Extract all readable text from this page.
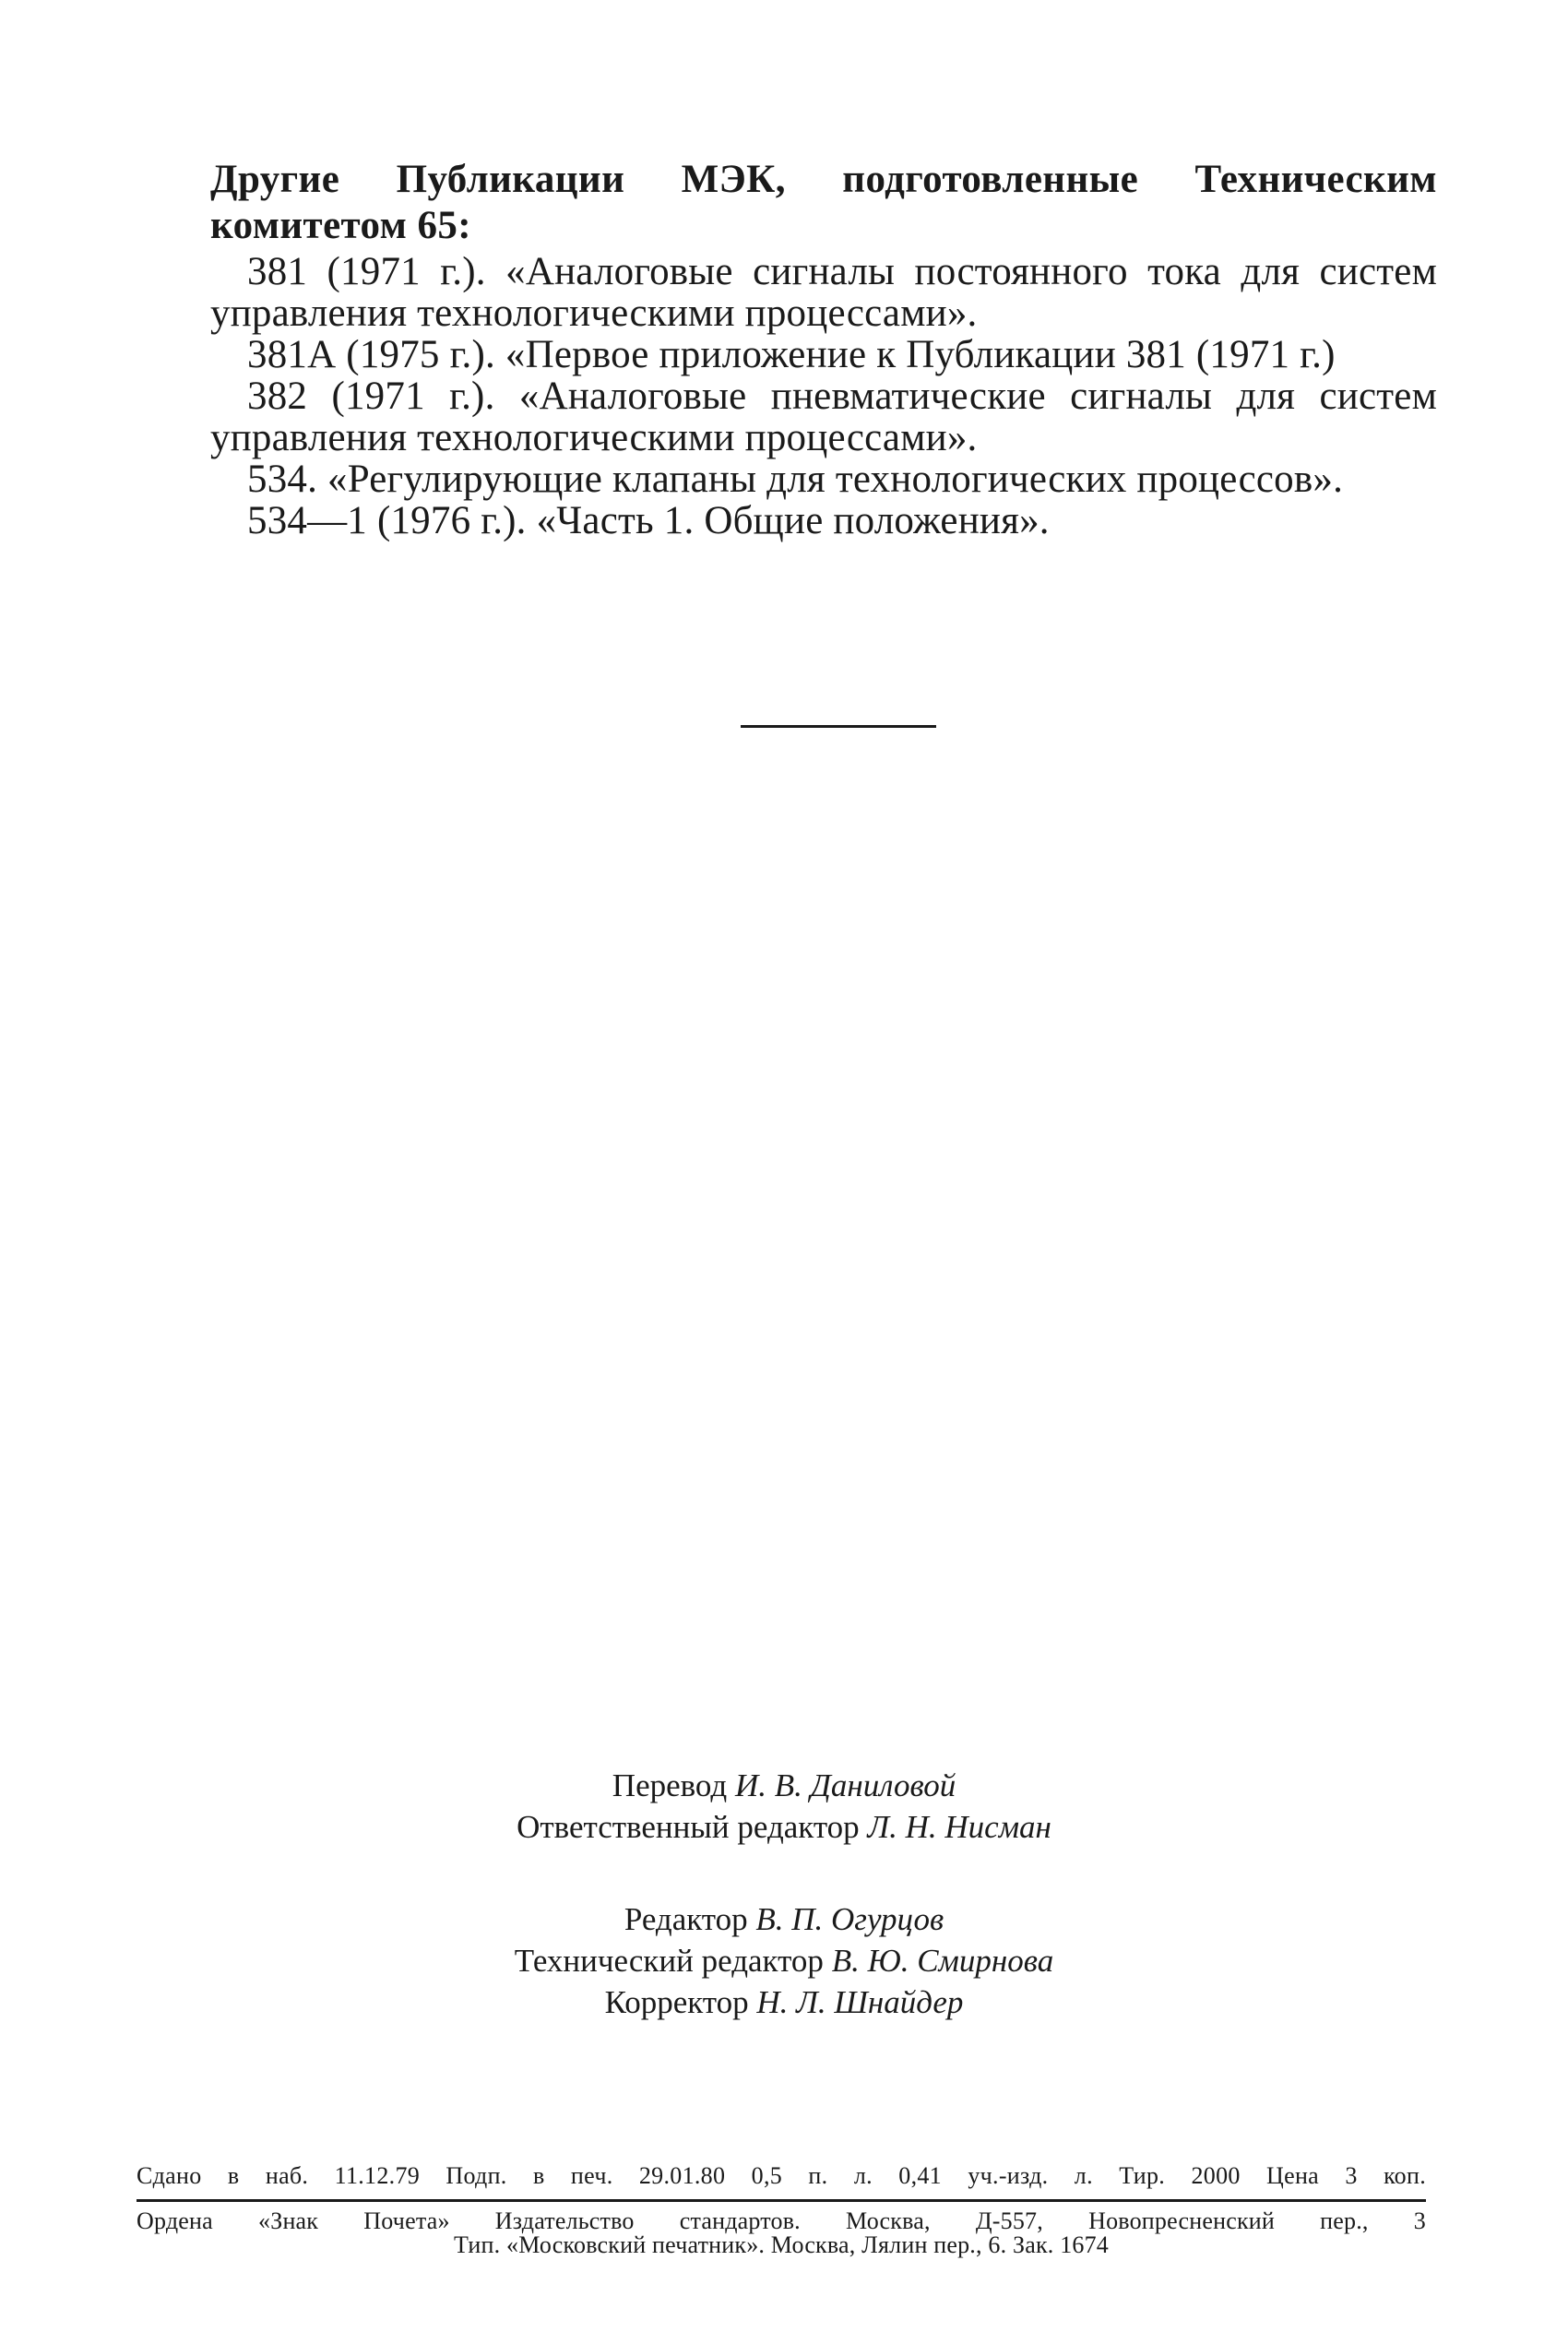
Другие Публикации МЭК, подготовленные Техническим комитетом 65:

381 (1971 г.). «Аналоговые сигналы постоянного тока для систем управления технологическими процессами».

381А (1975 г.). «Первое приложение к Публикации 381 (1971 г.)

382 (1971 г.). «Аналоговые пневматические сигналы для систем управления технологическими процессами».

534. «Регулирующие клапаны для технологических процессов».

534—1 (1976 г.). «Часть 1. Общие положения».

Перевод И. В. Даниловой
Ответственный редактор Л. Н. Нисман
Редактор В. П. Огурцов
Технический редактор В. Ю. Смирнова
Корректор Н. Л. Шнайдер
Сдано в наб. 11.12.79 Подп. в печ. 29.01.80 0,5 п. л. 0,41 уч.-изд. л. Тир. 2000 Цена 3 коп.
Ордена «Знак Почета» Издательство стандартов. Москва, Д-557, Новопресненский пер., 3
Тип. «Московский печатник». Москва, Лялин пер., 6. Зак. 1674
